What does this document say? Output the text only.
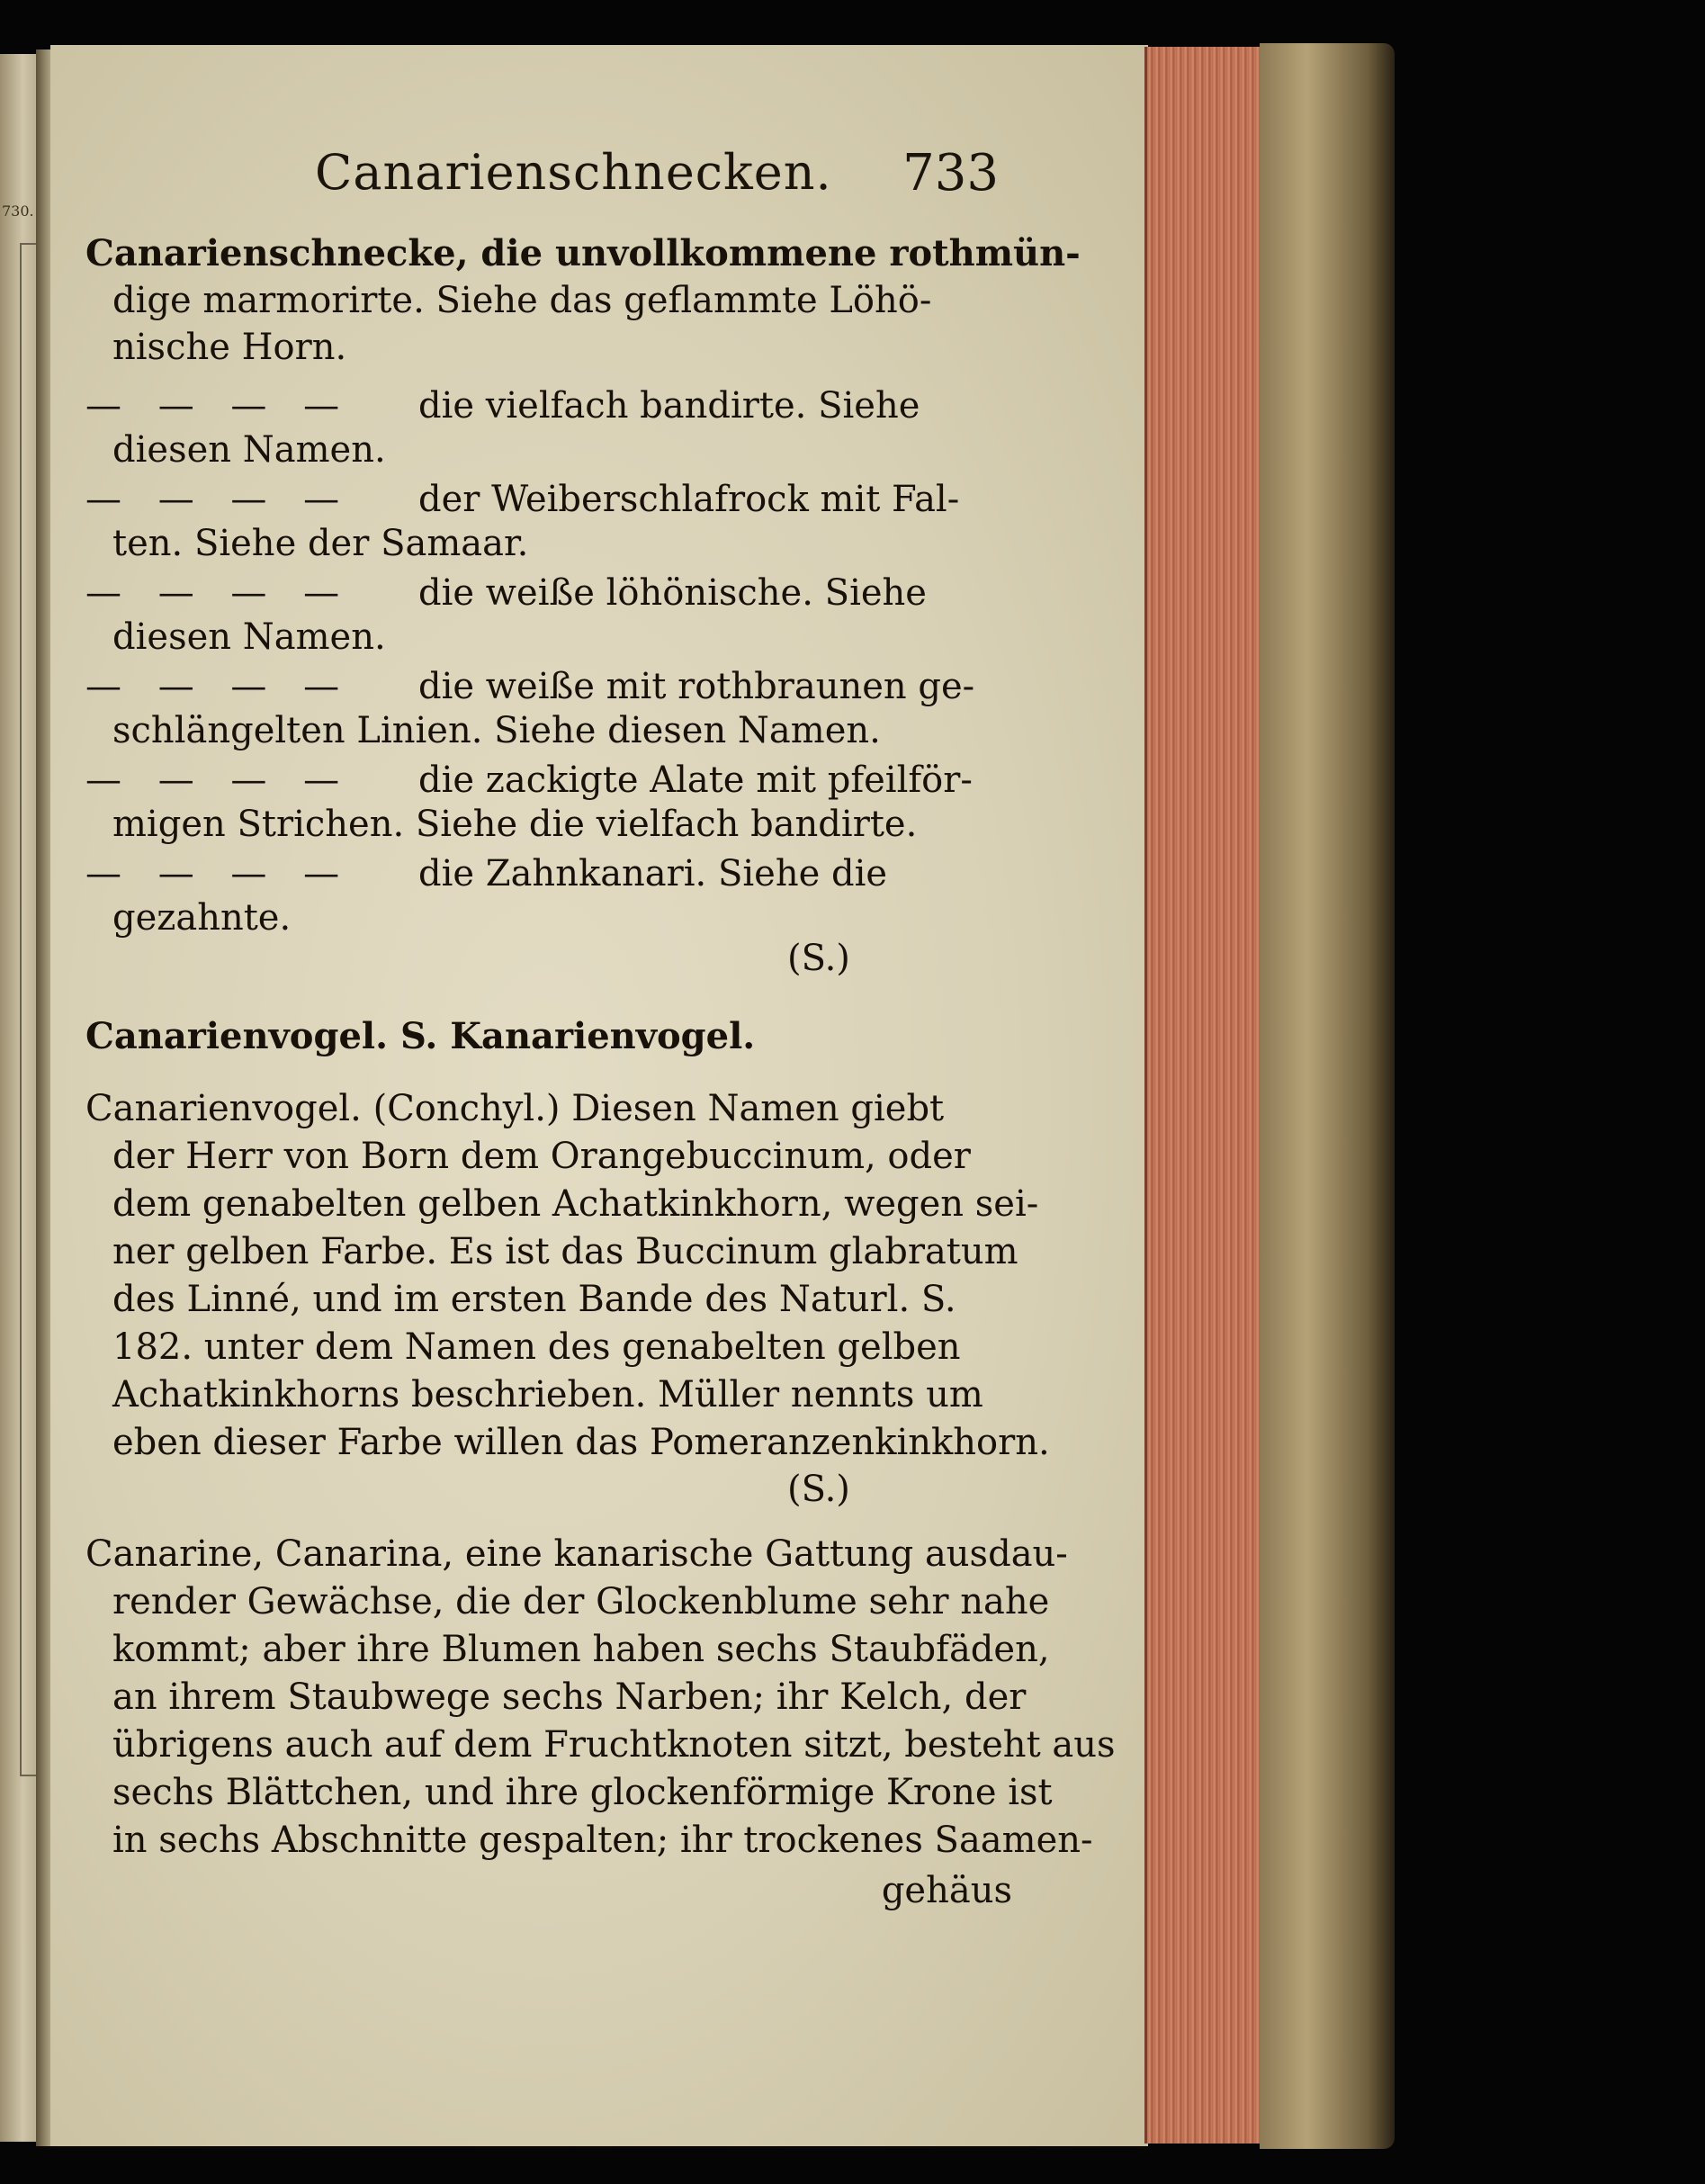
730.
Canarienschnecken. 733
Canarienschnecke, die unvollkommene rothmün-
dige marmorirte. Siehe das geflammte Löhö-
nische Horn.
— — — — die vielfach bandirte. Siehe
diesen Namen.
— — — — der Weiberschlafrock mit Fal-
ten. Siehe der Samaar.
— — — — die weiße löhönische. Siehe
diesen Namen.
— — — — die weiße mit rothbraunen ge-
schlängelten Linien. Siehe diesen Namen.
— — — — die zackigte Alate mit pfeilför-
migen Strichen. Siehe die vielfach bandirte.
— — — — die Zahnkanari. Siehe die
gezahnte.
(S.)
Canarienvogel. S. Kanarienvogel.
Canarienvogel. (Conchyl.) Diesen Namen giebt
der Herr von Born dem Orangebuccinum, oder
dem genabelten gelben Achatkinkhorn, wegen sei-
ner gelben Farbe. Es ist das Buccinum glabratum
des Linné, und im ersten Bande des Naturl. S.
182. unter dem Namen des genabelten gelben
Achatkinkhorns beschrieben. Müller nennts um
eben dieser Farbe willen das Pomeranzenkinkhorn.
(S.)
Canarine, Canarina, eine kanarische Gattung ausdau-
render Gewächse, die der Glockenblume sehr nahe
kommt; aber ihre Blumen haben sechs Staubfäden,
an ihrem Staubwege sechs Narben; ihr Kelch, der
übrigens auch auf dem Fruchtknoten sitzt, besteht aus
sechs Blättchen, und ihre glockenförmige Krone ist
in sechs Abschnitte gespalten; ihr trockenes Saamen-
gehäus
